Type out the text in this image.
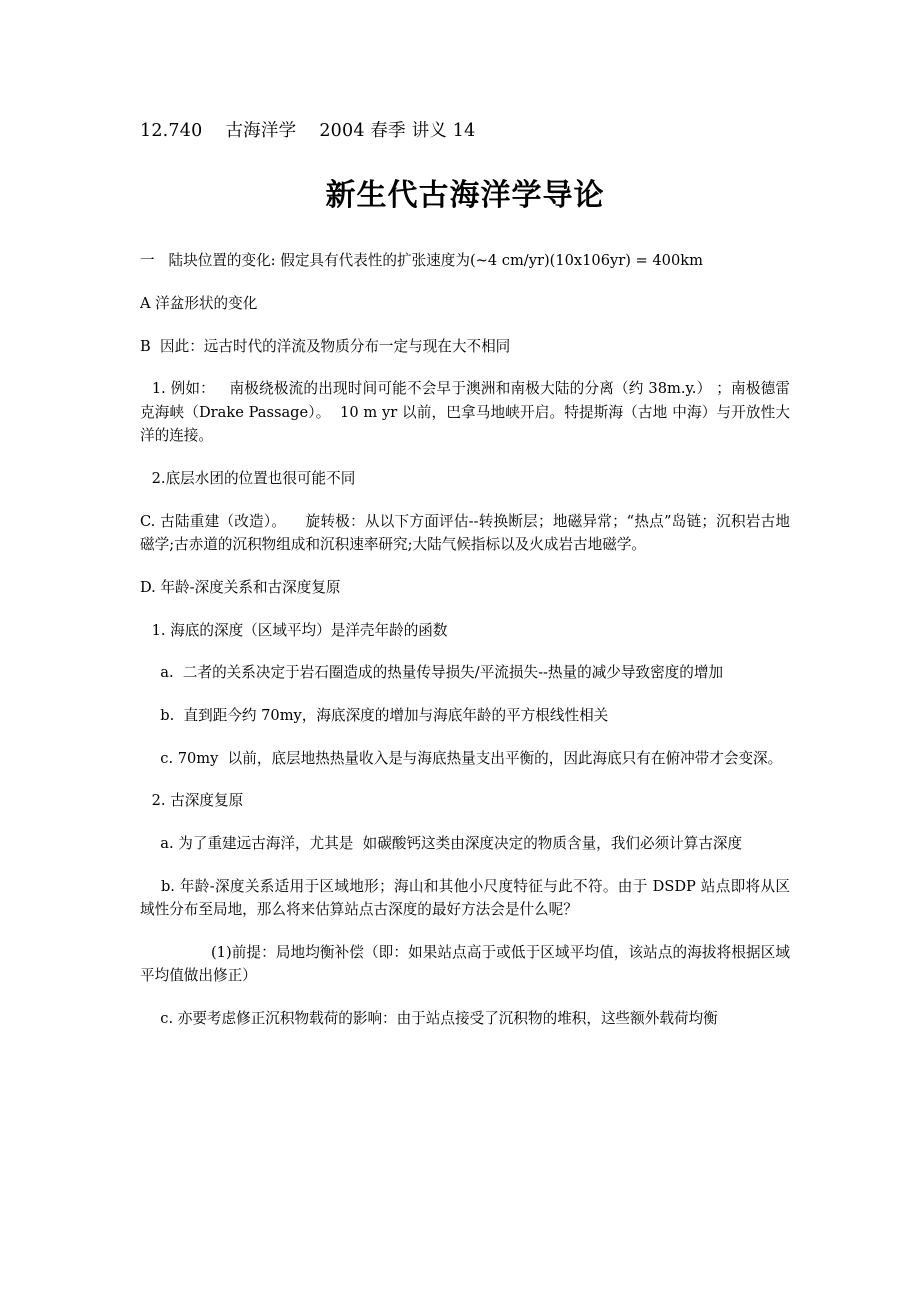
12.740    古海洋学    2004 春季 讲义 14
新生代古海洋学导论
一   陆块位置的变化: 假定具有代表性的扩张速度为(~4 cm/yr)(10x106yr) = 400km
A 洋盆形状的变化
B  因此：远古时代的洋流及物质分布一定与现在大不相同
1. 例如：   南极绕极流的出现时间可能不会早于澳洲和南极大陆的分离（约 38m.y.） ；南极德雷克海峡（Drake Passage）。  10 m yr 以前，巴拿马地峡开启。特提斯海（古地 中海）与开放性大洋的连接。
2.底层水团的位置也很可能不同
C. 古陆重建（改造）。    旋转极：从以下方面评估--转换断层；地磁异常；“热点”岛链；沉积岩古地磁学;古赤道的沉积物组成和沉积速率研究;大陆气候指标以及火成岩古地磁学。
D. 年龄-深度关系和古深度复原
1. 海底的深度（区域平均）是洋壳年龄的函数
a.  二者的关系决定于岩石圈造成的热量传导损失/平流损失--热量的减少导致密度的增加
b.  直到距今约 70my，海底深度的增加与海底年龄的平方根线性相关
c. 70my  以前，底层地热热量收入是与海底热量支出平衡的，因此海底只有在俯冲带才会变深。
2. 古深度复原
a. 为了重建远古海洋，尤其是  如碳酸钙这类由深度决定的物质含量，我们必须计算古深度
b. 年龄-深度关系适用于区域地形；海山和其他小尺度特征与此不符。由于 DSDP 站点即将从区域性分布至局地，那么将来估算站点古深度的最好方法会是什么呢？
(1)前提：局地均衡补偿（即：如果站点高于或低于区域平均值，该站点的海拔将根据区域平均值做出修正）
c. 亦要考虑修正沉积物载荷的影响：由于站点接受了沉积物的堆积，这些额外载荷均衡
